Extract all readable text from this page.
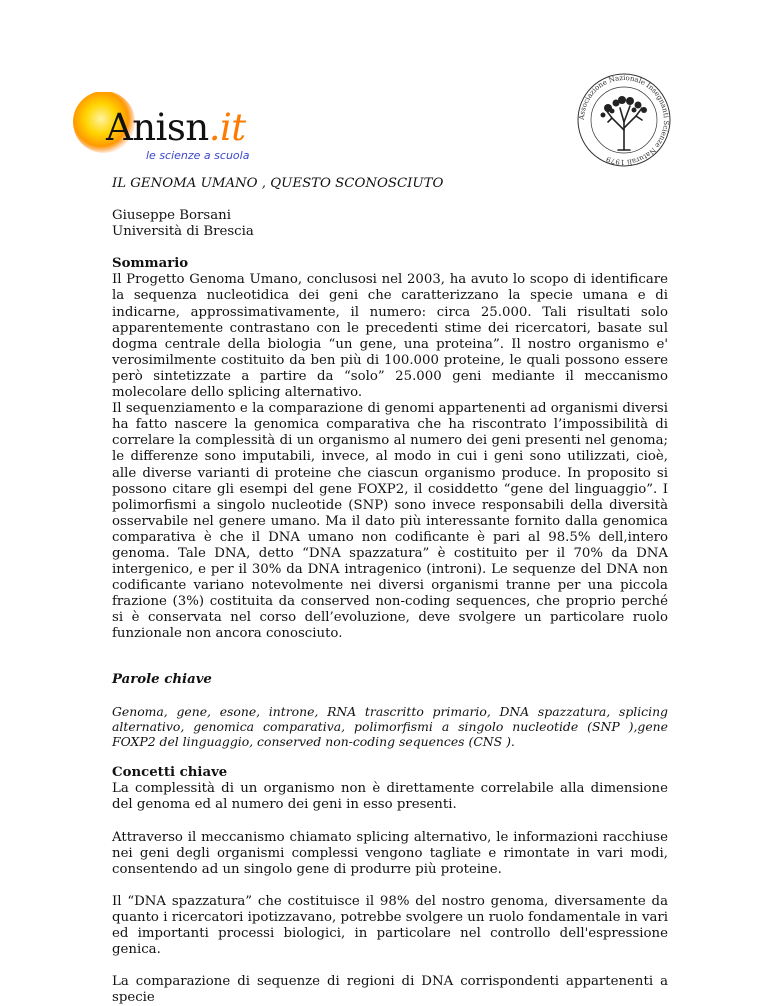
Anisn.it
le scienze a scuola
Associazione Nazionale Insegnanti Scienze Naturali 1979

IL GENOMA UMANO , QUESTO SCONOSCIUTO

Giuseppe Borsani

Università di Brescia

Sommario

Il Progetto Genoma Umano, conclusosi nel 2003, ha avuto lo scopo di identificare la sequenza nucleotidica dei geni che caratterizzano la specie umana e di indicarne, approssimativamente, il numero: circa 25.000. Tali risultati solo apparentemente contrastano con le precedenti stime dei ricercatori, basate sul dogma centrale della biologia “un gene, una proteina”. Il nostro organismo e' verosimilmente costituito da ben più di 100.000 proteine, le quali possono essere però sintetizzate a partire da “solo” 25.000 geni mediante il meccanismo molecolare dello splicing alternativo.

Il sequenziamento e la comparazione di genomi appartenenti ad organismi diversi ha fatto nascere la genomica comparativa che ha riscontrato l’impossibilità di correlare la complessità di un organismo al numero dei geni presenti nel genoma; le differenze sono imputabili, invece, al modo in cui i geni sono utilizzati, cioè, alle diverse varianti di proteine che ciascun organismo produce. In proposito si possono citare gli esempi del gene FOXP2, il cosiddetto “gene del linguaggio”. I polimorfismi a singolo nucleotide (SNP) sono invece responsabili della diversità osservabile nel genere umano. Ma il dato più interessante fornito dalla genomica comparativa è che il DNA umano non codificante è pari al 98.5% dell,intero genoma. Tale DNA, detto “DNA spazzatura” è costituito per il 70% da DNA intergenico, e per il 30% da DNA intragenico (introni). Le sequenze del DNA non codificante variano notevolmente nei diversi organismi tranne per una piccola frazione (3%) costituita da conserved non-coding sequences, che proprio perché si è conservata nel corso dell’evoluzione, deve svolgere un particolare ruolo funzionale non ancora conosciuto.

Parole chiave

Genoma, gene, esone, introne, RNA trascritto primario, DNA spazzatura, splicing alternativo, genomica comparativa, polimorfismi a singolo nucleotide (SNP ),gene FOXP2 del linguaggio, conserved non-coding sequences (CNS ).

Concetti chiave

La complessità di un organismo non è direttamente correlabile alla dimensione del genoma ed al numero dei geni in esso presenti.

Attraverso il meccanismo chiamato splicing alternativo, le informazioni racchiuse nei geni degli organismi complessi vengono tagliate e rimontate in vari modi, consentendo ad un singolo gene di produrre più proteine.

Il “DNA spazzatura” che costituisce il 98% del nostro genoma, diversamente da quanto i ricercatori ipotizzavano, potrebbe svolgere un ruolo fondamentale in vari ed importanti processi biologici, in particolare nel controllo dell'espressione genica.

La comparazione di sequenze di regioni di DNA corrispondenti appartenenti a specie
